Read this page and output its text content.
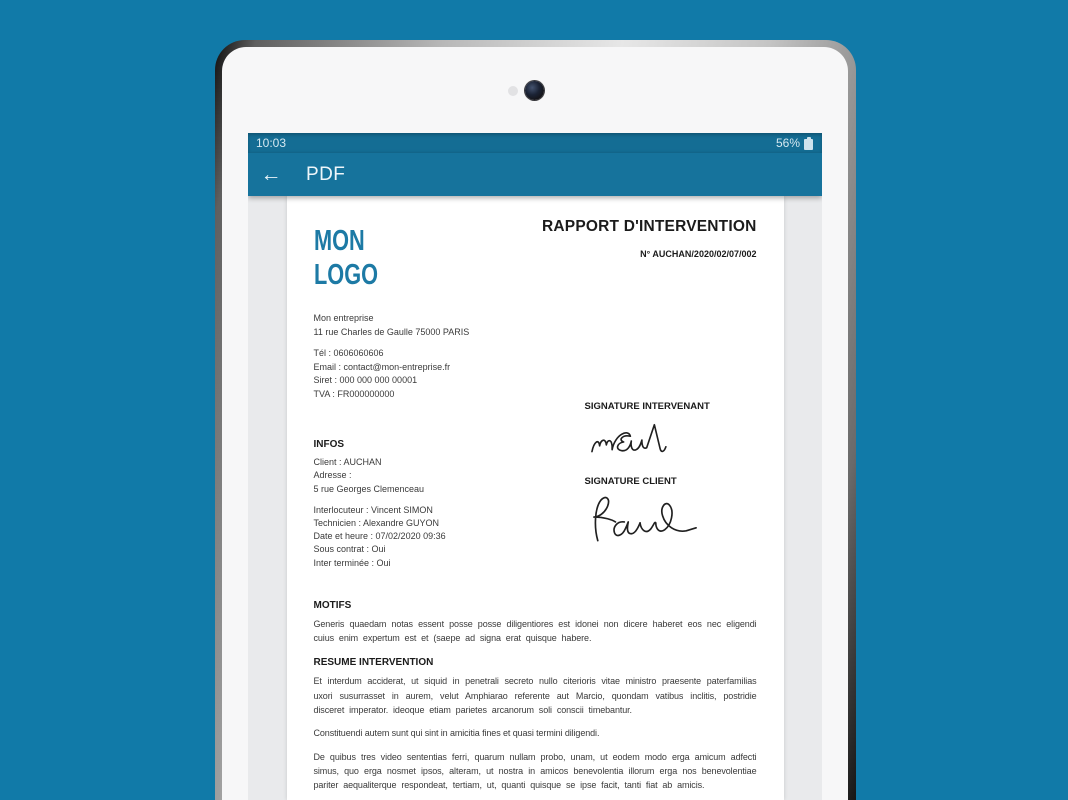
10:03	56%
←	PDF
MON
LOGO
RAPPORT D'INTERVENTION
N° AUCHAN/2020/02/07/002
Mon entreprise
11 rue Charles de Gaulle 75000 PARIS
Tél : 0606060606
Email : contact@mon-entreprise.fr
Siret : 000 000 000 00001
TVA : FR000000000
INFOS
Client : AUCHAN
Adresse :
5 rue Georges Clemenceau
Interlocuteur : Vincent SIMON
Technicien : Alexandre GUYON
Date et heure : 07/02/2020 09:36
Sous contrat : Oui
Inter terminée : Oui
SIGNATURE INTERVENANT
SIGNATURE CLIENT
MOTIFS
Generis quaedam notas essent posse posse diligentiores est idonei non dicere haberet eos nec eligendi cuius enim expertum est et (saepe ad signa erat quisque habere.
RESUME INTERVENTION
Et interdum acciderat, ut siquid in penetrali secreto nullo citerioris vitae ministro praesente paterfamilias uxori susurrasset in aurem, velut Amphiarao referente aut Marcio, quondam vatibus inclitis, postridie disceret imperator. ideoque etiam parietes arcanorum soli conscii timebantur.
Constituendi autem sunt qui sint in amicitia fines et quasi termini diligendi.
De quibus tres video sententias ferri, quarum nullam probo, unam, ut eodem modo erga amicum adfecti simus, quo erga nosmet ipsos, alteram, ut nostra in amicos benevolentia illorum erga nos benevolentiae pariter aequaliterque respondeat, tertiam, ut, quanti quisque se ipse facit, tanti fiat ab amicis.
